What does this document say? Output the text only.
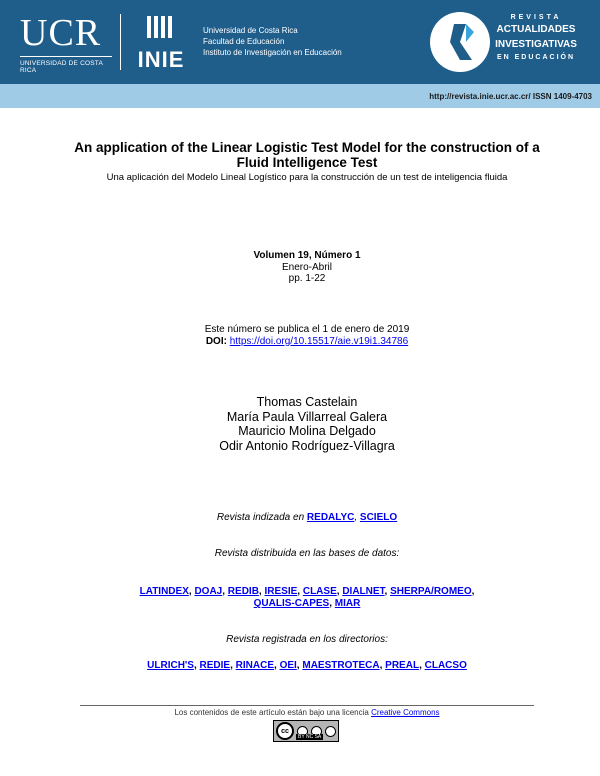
UCR
UNIVERSIDAD DE COSTA RICA	INIE
Universidad de Costa Rica
Facultad de Educación
Instituto de Investigación en Educación
REVISTA
ACTUALIDADES
INVESTIGATIVAS
EN EDUCACIÓN
http://revista.inie.ucr.ac.cr/ ISSN 1409-4703
An application of the Linear Logistic Test Model for the construction of a Fluid Intelligence Test
Una aplicación del Modelo Lineal Logístico para la construcción de un test de inteligencia fluida
Volumen 19, Número 1
Enero-Abril
pp. 1-22
Este número se publica el 1 de enero de 2019
DOI: https://doi.org/10.15517/aie.v19i1.34786
Thomas Castelain
María Paula Villarreal Galera
Mauricio Molina Delgado
Odir Antonio Rodríguez-Villagra
Revista indizada en REDALYC, SCIELO
Revista distribuida en las bases de datos:
LATINDEX, DOAJ, REDIB, IRESIE, CLASE, DIALNET, SHERPA/ROMEO,
QUALIS-CAPES, MIAR
Revista registrada en los directorios:
ULRICH'S, REDIE, RINACE, OEI, MAESTROTECA, PREAL, CLACSO
Los contenidos de este artículo están bajo una licencia Creative Commons
cc
BY NC SA
